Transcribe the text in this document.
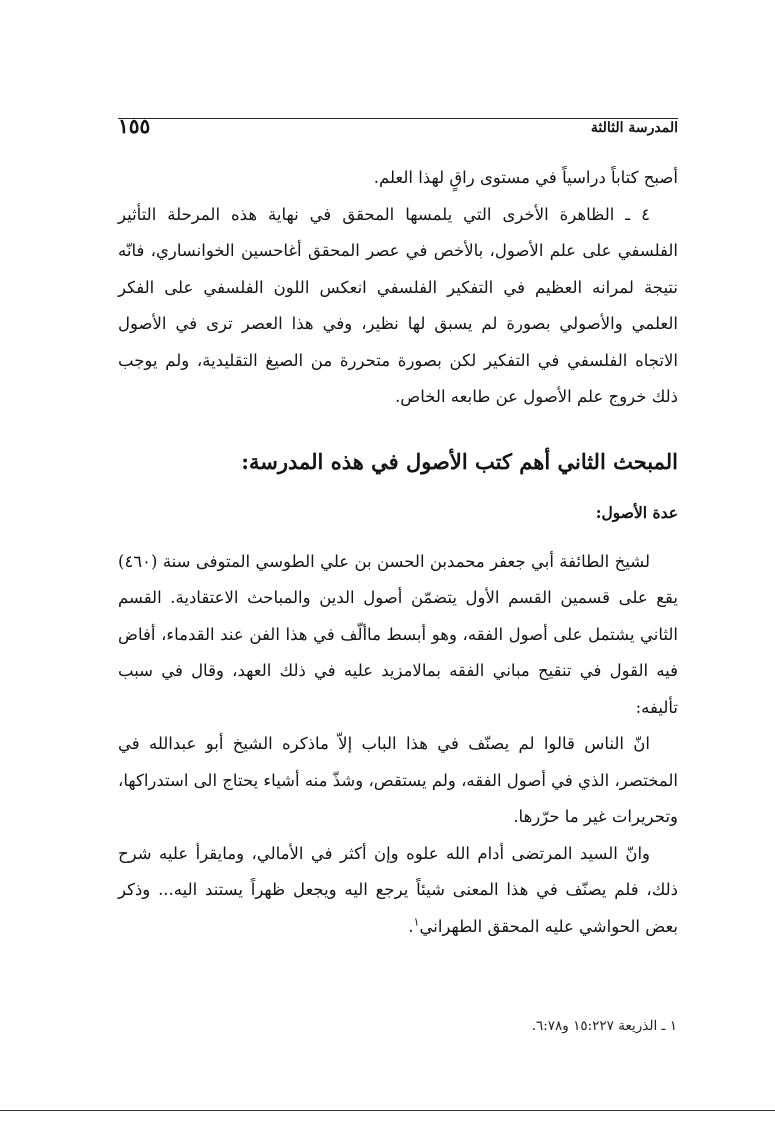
المدرسة الثالثة
١٥٥

أصبح كتاباً دراسياً في مستوى راقٍ لهذا العلم.

٤ ـ الظاهرة الأخرى التي يلمسها المحقق في نهاية هذه المرحلة التأثير الفلسفي على علم الأصول، بالأخص في عصر المحقق أغاحسين الخوانساري، فانّه نتيجة لمرانه العظيم في التفكير الفلسفي انعكس اللون الفلسفي على الفكر العلمي والأصولي بصورة لم يسبق لها نظير، وفي هذا العصر ترى في الأصول الاتجاه الفلسفي في التفكير لكن بصورة متحررة من الصيغ التقليدية، ولم يوجب ذلك خروج علم الأصول عن طابعه الخاص.

المبحث الثاني أهم كتب الأصول في هذه المدرسة:
عدة الأصول:

لشيخ الطائفة أبي جعفر محمدبن الحسن بن علي الطوسي المتوفى سنة (٤٦٠) يقع على قسمين القسم الأول يتضمّن أصول الدين والمباحث الاعتقادية. القسم الثاني يشتمل على أصول الفقه، وهو أبسط ماألّف في هذا الفن عند القدماء، أفاض فيه القول في تنقيح مباني الفقه بمالامزيد عليه في ذلك العهد، وقال في سبب تأليفه:

انّ الناس قالوا لم يصنّف في هذا الباب إلاّ ماذكره الشيخ أبو عبدالله في المختصر، الذي في أصول الفقه، ولم يستقص، وشذّ منه أشياء يحتاج الى استدراكها، وتحريرات غير ما حرّرها.

وانّ السيد المرتضى أدام الله علوه وإن أكثر في الأمالي، ومايقرأ عليه شرح ذلك، فلم يصنّف في هذا المعنى شيئاً يرجع اليه ويجعل ظهراً يستند اليه... وذكر بعض الحواشي عليه المحقق الطهراني$^١$.

١ ـ الذريعة ١٥:٢٢٧ و٦:٧٨.
